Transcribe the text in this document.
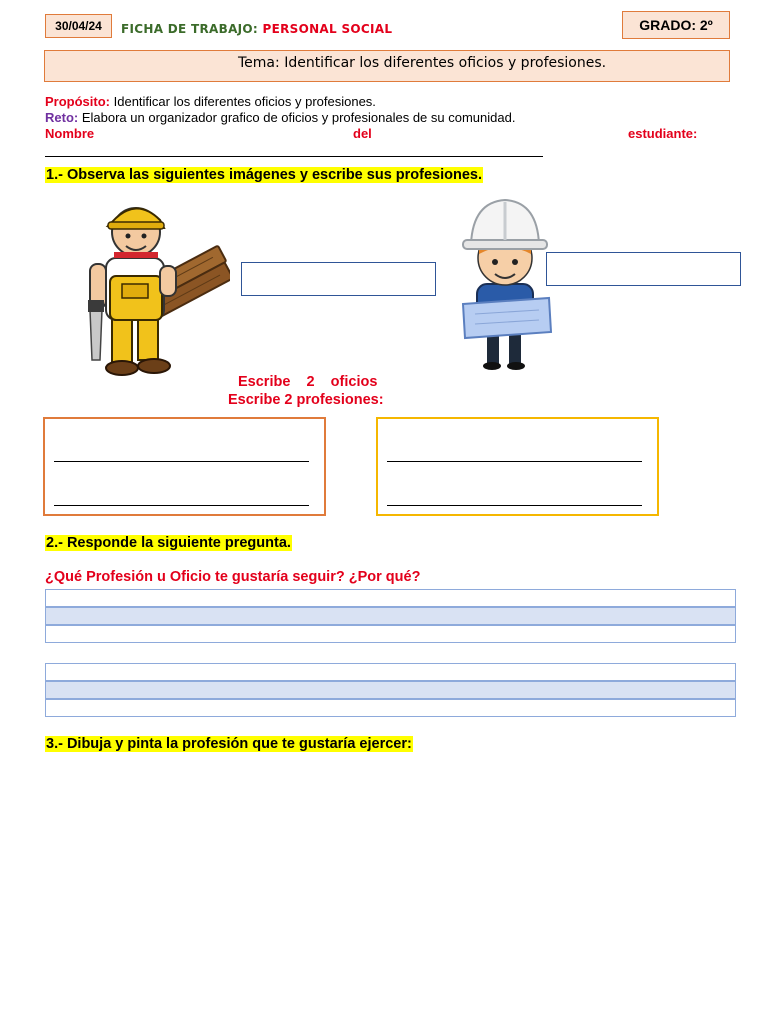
30/04/24	FICHA DE TRABAJO: PERSONAL SOCIAL	GRADO: 2º
Tema: Identificar los diferentes oficios y profesiones.
Propósito: Identificar los diferentes oficios y profesiones.
Reto: Elabora un organizador grafico de oficios y profesionales de su comunidad.
Nombre	del	estudiante:
1.- Observa las siguientes imágenes y escribe sus profesiones.
Escribe    2    oficios
Escribe 2 profesiones:
2.- Responde la siguiente pregunta.
¿Qué Profesión u Oficio te gustaría seguir? ¿Por qué?
3.- Dibuja y pinta la profesión que te gustaría ejercer:
